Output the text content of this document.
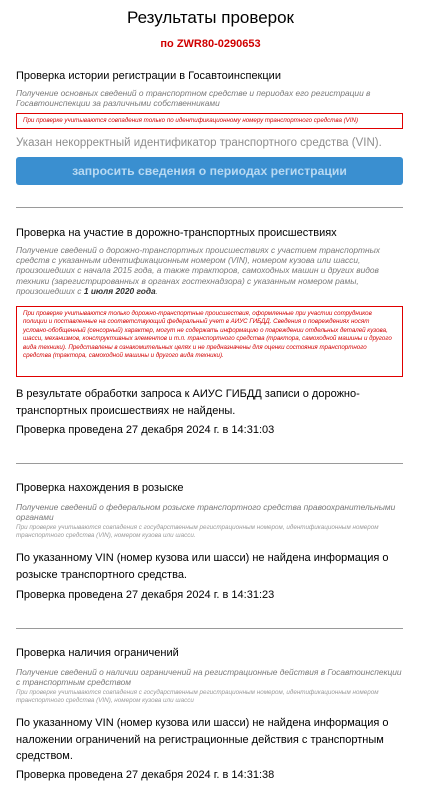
Результаты проверок
по ZWR80-0290653
Проверка истории регистрации в Госавтоинспекции
Получение основных сведений о транспортном средстве и периодах его регистрации в Госавтоинспекции за различными собственниками
При проверке учитываются совпадения только по идентификационному номеру транспортного средства (VIN)
Указан некорректный идентификатор транспортного средства (VIN).
запросить сведения о периодах регистрации
Проверка на участие в дорожно-транспортных происшествиях
Получение сведений о дорожно-транспортных происшествиях с участием транспортных средств с указанным идентификационным номером (VIN), номером кузова или шасси, произошедших с начала 2015 года, а также тракторов, самоходных машин и других видов техники (зарегистрированных в органах гостехнадзора) с указанным номером рамы, произошедших с 1 июля 2020 года.
При проверке учитываются только дорожно-транспортные происшествия, оформленные при участии сотрудников полиции и поставленные на соответствующий федеральный учет в АИУС ГИБДД. Сведения о повреждениях носят условно-обобщенный (сенсорный) характер, могут не содержать информацию о повреждении отдельных деталей кузова, шасси, механизмов, конструктивных элементов и т.п. транспортного средства (трактора, самоходной машины и другого вида техники). Представлены в ознакомительных целях и не предназначены для оценки состояния транспортного средства (трактора, самоходной машины и другого вида техники).
В результате обработки запроса к АИУС ГИБДД записи о дорожно-транспортных происшествиях не найдены.
Проверка проведена 27 декабря 2024 г. в 14:31:03
Проверка нахождения в розыске
Получение сведений о федеральном розыске транспортного средства правоохранительными органами
При проверке учитываются совпадения с государственным регистрационным номером, идентификационным номером транспортного средства (VIN), номером кузова или шасси.
По указанному VIN (номер кузова или шасси) не найдена информация о розыске транспортного средства.
Проверка проведена 27 декабря 2024 г. в 14:31:23
Проверка наличия ограничений
Получение сведений о наличии ограничений на регистрационные действия в Госавтоинспекции с транспортным средством
При проверке учитываются совпадения с государственным регистрационным номером, идентификационным номером транспортного средства (VIN), номером кузова или шасси
По указанному VIN (номер кузова или шасси) не найдена информация о наложении ограничений на регистрационные действия с транспортным средством.
Проверка проведена 27 декабря 2024 г. в 14:31:38
